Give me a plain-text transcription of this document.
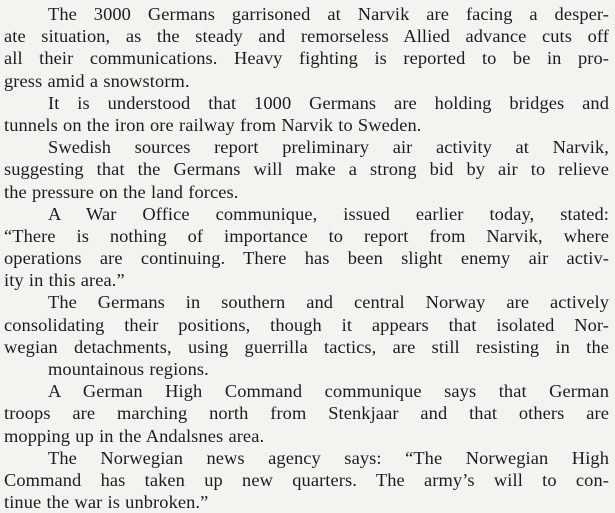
The 3000 Germans garrisoned at Narvik are facing a desper-
ate situation, as the steady and remorseless Allied advance cuts off
all their communications. Heavy fighting is reported to be in pro-
gress amid a snowstorm.
It is understood that 1000 Germans are holding bridges and
tunnels on the iron ore railway from Narvik to Sweden.
Swedish sources report preliminary air activity at Narvik,
suggesting that the Germans will make a strong bid by air to relieve
the pressure on the land forces.
A War Office communique, issued earlier today, stated:
“There is nothing of importance to report from Narvik, where
operations are continuing. There has been slight enemy air activ-
ity in this area.”
The Germans in southern and central Norway are actively
consolidating their positions, though it appears that isolated Nor-
wegian detachments, using guerrilla tactics, are still resisting in the
mountainous regions.
A German High Command communique says that German
troops are marching north from Stenkjaar and that others are
mopping up in the Andalsnes area.
The Norwegian news agency says: “The Norwegian High
Command has taken up new quarters. The army’s will to con-
tinue the war is unbroken.”
